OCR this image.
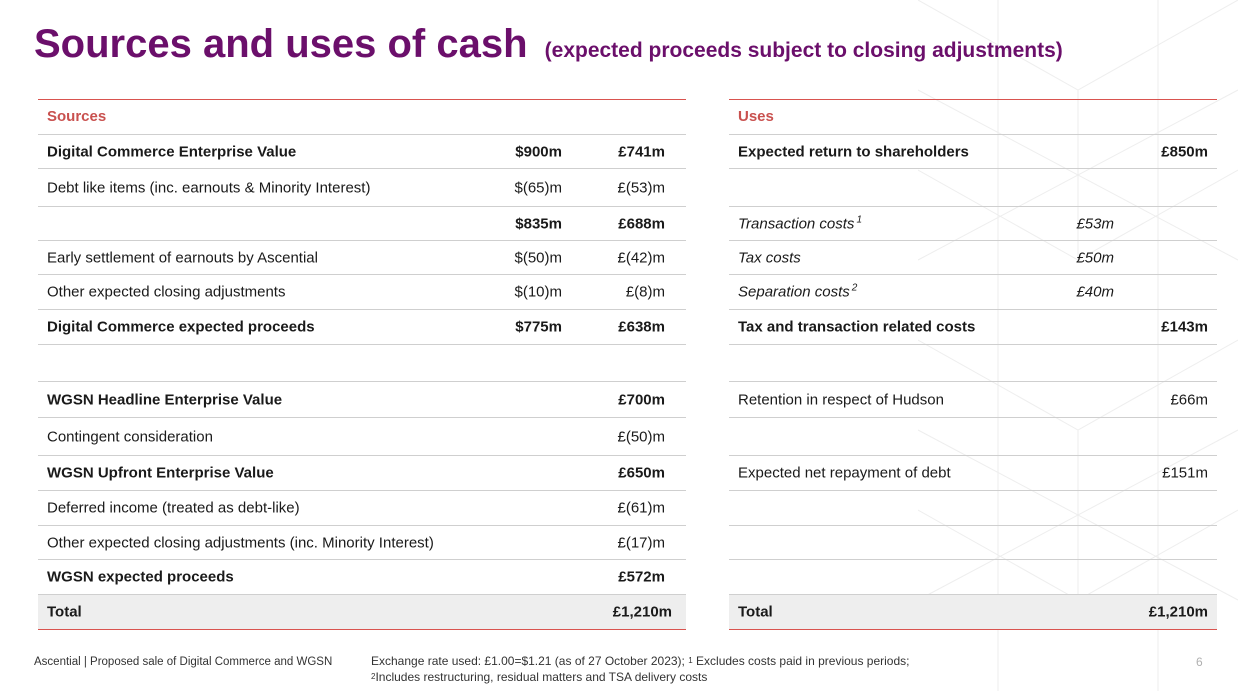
Sources and uses of cash (expected proceeds subject to closing adjustments)
Sources
Digital Commerce Enterprise Value	$900m	£741m
Debt like items (inc. earnouts & Minority Interest)	$(65)m	£(53)m
$835m	£688m
Early settlement of earnouts by Ascential	$(50)m	£(42)m
Other expected closing adjustments	$(10)m	£(8)m
Digital Commerce expected proceeds	$775m	£638m
WGSN Headline Enterprise Value	£700m
Contingent consideration	£(50)m
WGSN Upfront Enterprise Value	£650m
Deferred income (treated as debt-like)	£(61)m
Other expected closing adjustments (inc. Minority Interest)	£(17)m
WGSN expected proceeds	£572m
Total	£1,210m
Uses
Expected return to shareholders	£850m
Transaction costs $^1$	£53m
Tax costs	£50m
Separation costs $^2$	£40m
Tax and transaction related costs	£143m
Retention in respect of Hudson	£66m
Expected net repayment of debt	£151m
Total	£1,210m
Ascential | Proposed sale of Digital Commerce and WGSN	Exchange rate used: £1.00=$1.21 (as of 27 October 2023); $^1$ Excludes costs paid in previous periods;
$^2$Includes restructuring, residual matters and TSA delivery costs
6
